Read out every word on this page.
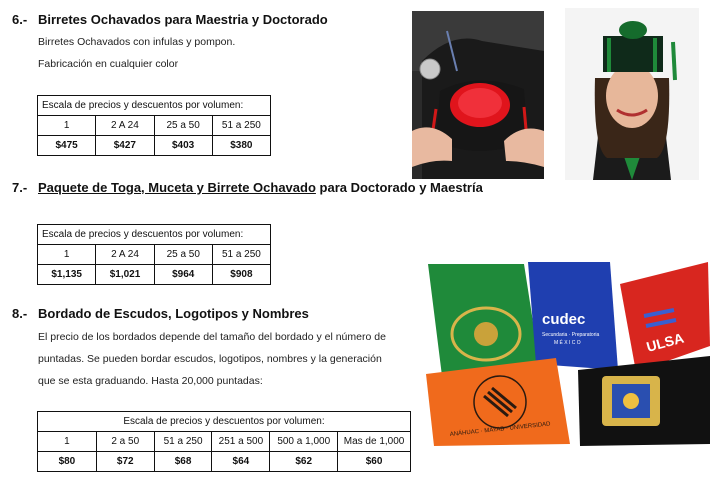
6.- Birretes Ochavados para Maestria y Doctorado
Birretes Ochavados con infulas y pompon.
Fabricación en cualquier color
Escala de precios y descuentos por volumen:			
1	2 A 24	25 a 50	51 a 250
$475	$427	$403	$380
7.- Paquete de Toga, Muceta y Birrete Ochavado para Doctorado y Maestría
Escala de precios y descuentos por volumen:			
1	2 A 24	25 a 50	51 a 250
$1,135	$1,021	$964	$908
8.- Bordado de Escudos, Logotipos y Nombres
El precio de los bordados depende del tamaño del bordado y el número de
puntadas. Se pueden bordar escudos, logotipos, nombres y la generación
que se esta graduando. Hasta 20,000 puntadas:
Escala de precios y descuentos por volumen:					
1	2 a 50	51 a 250	251 a 500	500 a 1,000	Mas de 1,000
$80	$72	$68	$64	$62	$60
cudec
Secundaria · Preparatoria
M É X I C O	ULSA
ANÁHUAC · MAYAB · UNIVERSIDAD
